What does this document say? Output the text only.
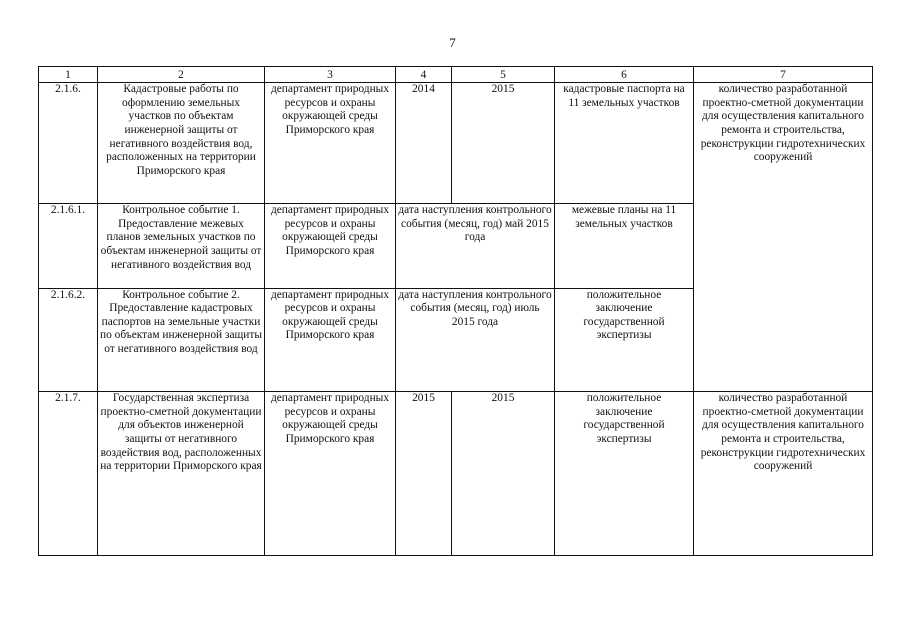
7
1	2	3	4	5	6	7
2.1.6.	Кадастровые работы по оформлению земельных участков по объектам инженерной защиты от негативного воздействия вод, расположенных на территории Приморского края	департамент природных ресурсов и охраны окружающей среды Приморского края	2014	2015	кадастровые паспорта на 11 земельных участков	количество разработанной проектно-сметной документации для осуществления капитального ремонта и строительства, реконструкции гидротехнических сооружений
2.1.6.1.	Контрольное событие 1. Предоставление межевых планов земельных участков по объектам инженерной защиты от негативного воздействия вод	департамент природных ресурсов и охраны окружающей среды Приморского края	дата наступления контрольного события (месяц, год) май 2015 года		межевые планы на 11 земельных участков	
2.1.6.2.	Контрольное событие 2. Предоставление кадастровых паспортов на земельные участки по объектам инженерной защиты от негативного воздействия вод	департамент природных ресурсов и охраны окружающей среды Приморского края	дата наступления контрольного события (месяц, год) июль 2015 года		положительное заключение государственной экспертизы	
2.1.7.	Государственная экспертиза проектно-сметной документации для объектов инженерной защиты от негативного воздействия вод, расположенных на территории Приморского края	департамент природных ресурсов и охраны окружающей среды Приморского края	2015	2015	положительное заключение государственной экспертизы	количество разработанной проектно-сметной документации для осуществления капитального ремонта и строительства, реконструкции гидротехнических сооружений
